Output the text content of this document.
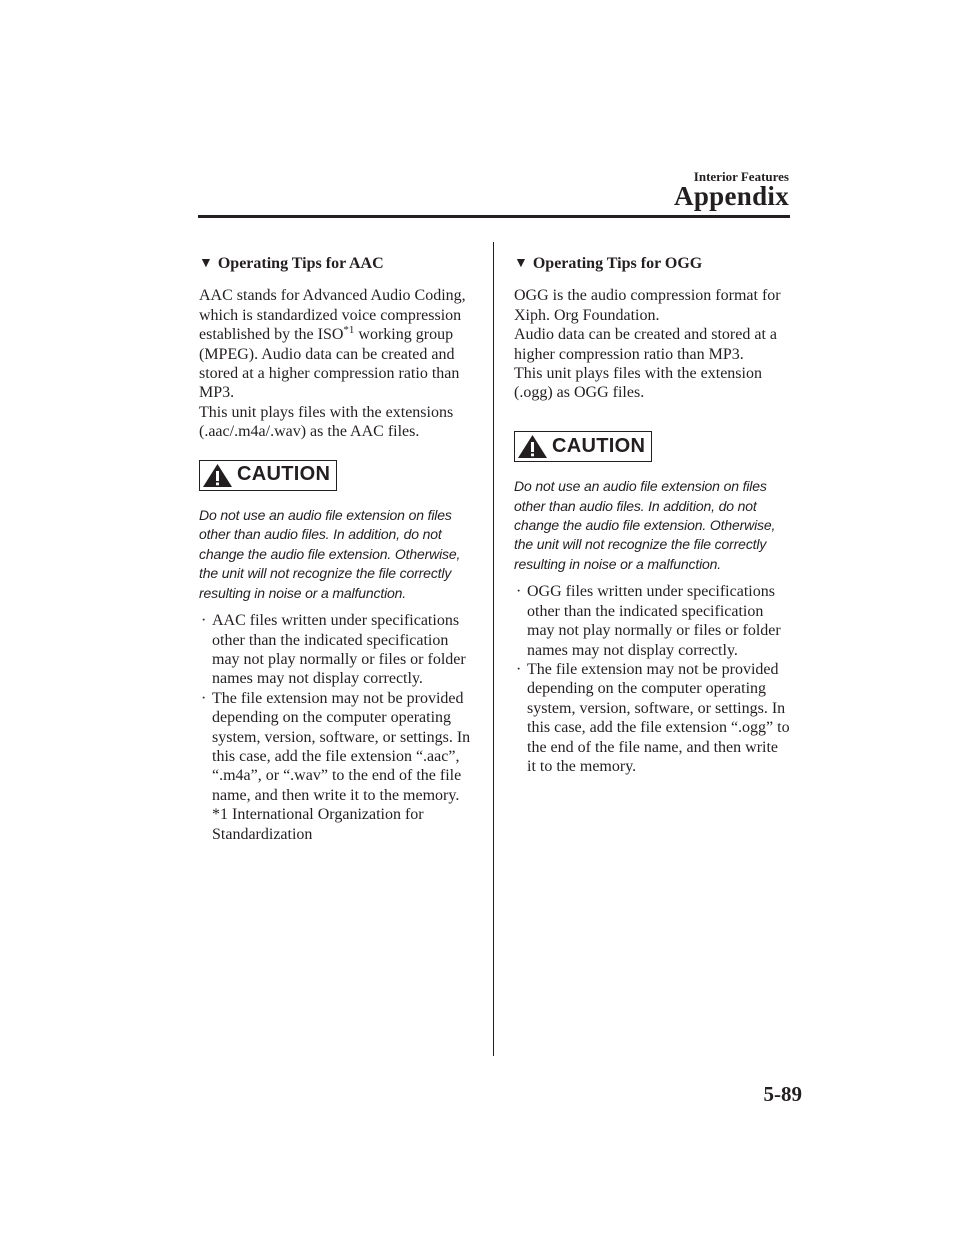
Interior Features
Appendix
▼ Operating Tips for AAC

AAC stands for Advanced Audio Coding, which is standardized voice compression established by the ISO$^{*1}$ working group (MPEG). Audio data can be created and stored at a higher compression ratio than MP3.

This unit plays files with the extensions (.aac/.m4a/.wav) as the AAC files.

CAUTION

Do not use an audio file extension on files other than audio files. In addition, do not change the audio file extension. Otherwise, the unit will not recognize the file correctly resulting in noise or a malfunction.

· AAC files written under specifications other than the indicated specification may not play normally or files or folder names may not display correctly.
· The file extension may not be provided depending on the computer operating system, version, software, or settings. In this case, add the file extension “.aac”, “.m4a”, or “.wav” to the end of the file name, and then write it to the memory.
*1 International Organization for Standardization
▼ Operating Tips for OGG

OGG is the audio compression format for Xiph. Org Foundation.

Audio data can be created and stored at a higher compression ratio than MP3.

This unit plays files with the extension (.ogg) as OGG files.

CAUTION

Do not use an audio file extension on files other than audio files. In addition, do not change the audio file extension. Otherwise, the unit will not recognize the file correctly resulting in noise or a malfunction.

· OGG files written under specifications other than the indicated specification may not play normally or files or folder names may not display correctly.
· The file extension may not be provided depending on the computer operating system, version, software, or settings. In this case, add the file extension “.ogg” to the end of the file name, and then write it to the memory.
5-89
